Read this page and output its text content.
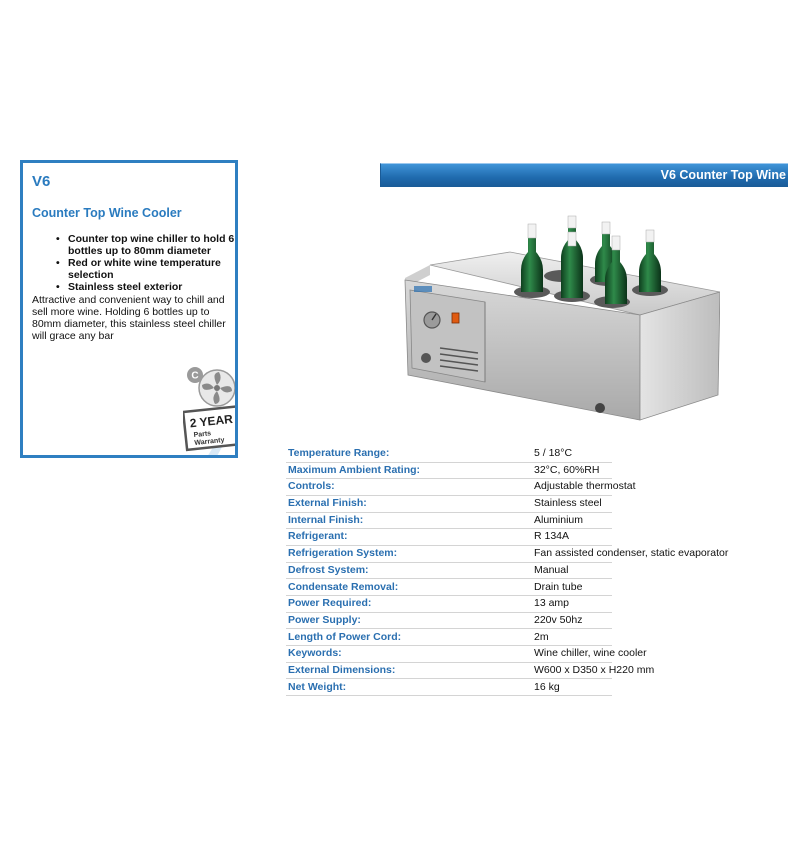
V6
Counter Top Wine Cooler
• Counter top wine chiller to hold 6 bottles up to 80mm diameter
• Red or white wine temperature selection
• Stainless steel exterior
Attractive and convenient way to chill and sell more wine. Holding 6 bottles up to 80mm diameter, this stainless steel chiller will grace any bar
C
2 YEAR
Parts
Warranty
V6 Counter Top Wine
Temperature Range:	5 / 18°C
Maximum Ambient Rating:	32°C, 60%RH
Controls:	Adjustable thermostat
External Finish:	Stainless steel
Internal Finish:	Aluminium
Refrigerant:	R 134A
Refrigeration System:	Fan assisted condenser, static evaporator
Defrost System:	Manual
Condensate Removal:	Drain tube
Power Required:	13 amp
Power Supply:	220v 50hz
Length of Power Cord:	2m
Keywords:	Wine chiller, wine cooler
External Dimensions:	W600 x D350 x H220 mm
Net Weight:	16 kg
